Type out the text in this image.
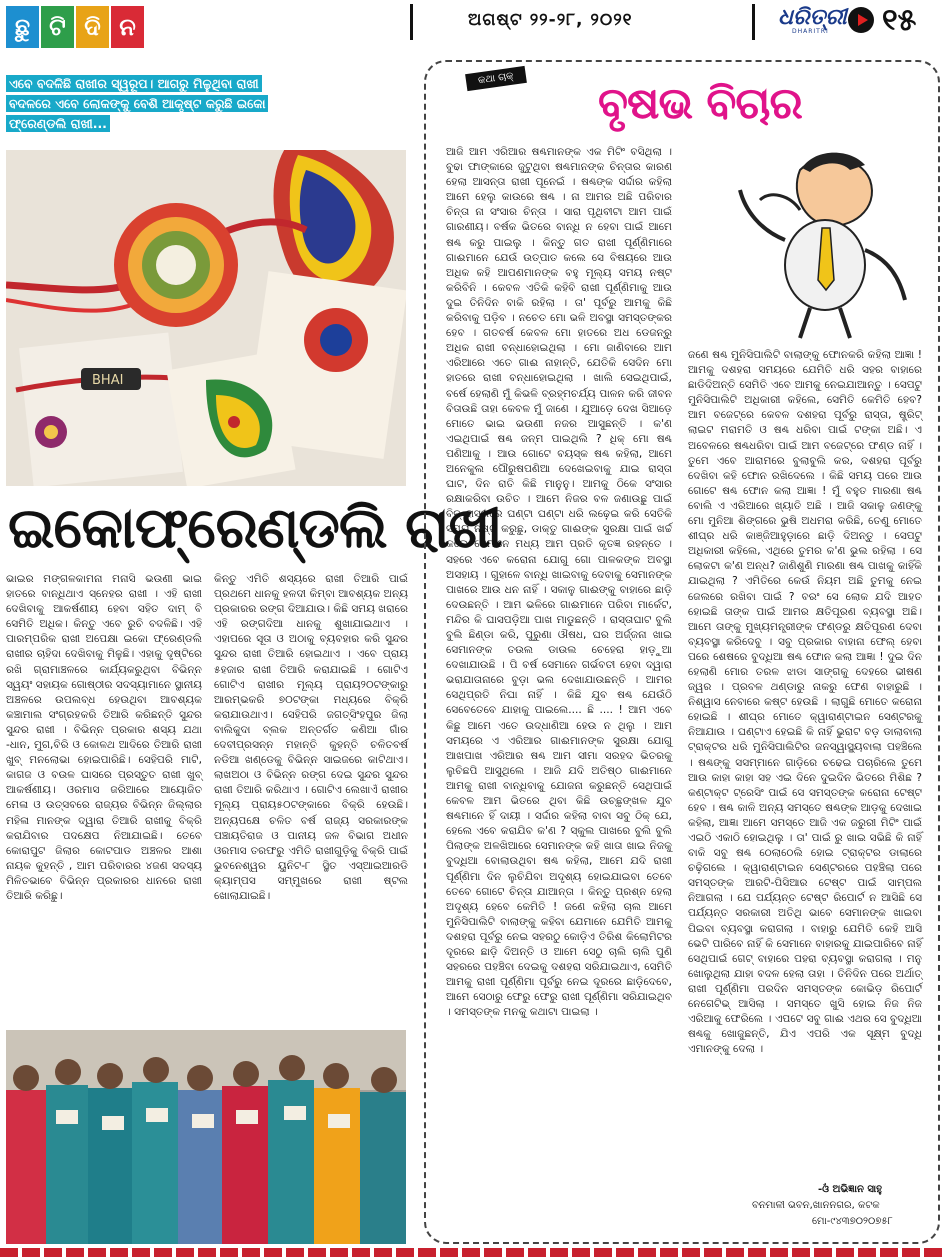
ଛୁ ଟି ଦି ନ	ଅଗଷ୍ଟ ୨୨-୨୮, ୨୦୨୧	ଧରିତ୍ରୀ
DHARITRI ୧୫
ଏବେ ବଦଳିଛି ରାଖୀର ସ୍ୱରୂପ। ଆଗରୁ ମିଳୁଥିବା ରାଖୀ ବଦଳରେ ଏବେ ଲୋକଙ୍କୁ ବେଶି ଆକୃଷ୍ଟ କରୁଛି ଇକୋ ଫ୍ରେଣ୍ଡଲି ରାଖୀ...
BHAI
ଇକୋଫ୍ରେଣ୍ଡଲି ରାଖୀ
ଭାଇର ମଙ୍ଗଳକାମନା ମନାସି ଭଉଣୀ ଭାଇ ହାତରେ ବାନ୍ଧିଥାଏ ସ୍ନେହର ରାଖୀ । ଏହି ରାଖୀ ଦେଖିବାକୁ ଆକର୍ଷଣୀୟ ହେବା ସହିତ ଦାମ୍ ବି ସେମିତି ଅଧିକ। କିନ୍ତୁ ଏବେ ରୁଚି ବଦଳିଛି। ଏହି ପାରମ୍ପରିକ ରାଖୀ ଅପେକ୍ଷା ଇକୋ ଫ୍ରେଣ୍ଡଲି ରାଖୀର ଚାହିଦା ଦେଖିବାକୁ ମିଳୁଛି। ଏହାକୁ ଦୃଷ୍ଟିରେ ରଖି ଗ୍ରାମାଞ୍ଚଳରେ କାର୍ଯ୍ୟକରୁଥିବା ବିଭିନ୍ନ ସ୍ୱୟଂ ସହାୟକ ଗୋଷ୍ଠୀର ସଦସ୍ୟାମାନେ ସ୍ଥାନୀୟ ଅଞ୍ଚଳରେ ଉପଲବ୍ଧ ହେଉଥିବା ଆବଶ୍ୟକ କଞ୍ଚାମାଲ ସଂଗ୍ରହକରି ତିଆରି କରିଛନ୍ତି ସୁନ୍ଦର ସୁନ୍ଦର ରାଖୀ । ବିଭିନ୍ନ ପ୍ରକାର ଶସ୍ୟ ଯଥା -ଧାନ, ମୁଗ,ବିରି ଓ କୋଳଥ ଆଦିରେ ତିଆରି ରାଖୀ ଖୁବ୍ ମନଲୋଭା ହୋଇପାରିଛି। ସେହିପରି ମାଟି, କାଗଜ ଓ ବଉଳ ଘାସରେ ପ୍ରସ୍ତୁତ ରାଖୀ ଖୁବ୍ ଆକର୍ଷଣୀୟ। ଓରମାସ ଜରିଆରେ ଆୟୋଜିତ ମେଳା ଓ ଉତ୍ସବରେ ରାଜ୍ୟର ବିଭିନ୍ନ ଜିଲ୍ଲାର ମହିଳା ମାନଙ୍କ ଦ୍ୱାରା ତିଆରି ରାଖୀକୁ ବିକ୍ରି କରାଯିବାର ପଦକ୍ଷେପ ନିଆଯାଇଛି। ତେବେ କୋରାପୁଟ ଜିଲାର କୋଟପାଡ ଅଞ୍ଚଳର ଆଶା ନାୟକ କୁହନ୍ତି , ଆମ ପରିବାରର ୪ଜଣ ସଦସ୍ୟ ମିଳିତଭାବେ ବିଭିନ୍ନ ପ୍ରକାରର ଧାନରେ ରାଖୀ ତିଆରି କରିଛୁ।
କିନ୍ତୁ ଏମିତି ଶସ୍ୟରେ ରାଖୀ ତିଆରି ପାଇଁ ପ୍ରଥମେ ଧାନକୁ ହଳଦୀ କିମ୍ବା ଆବଶ୍ୟକ ଅନ୍ୟ ପ୍ରକାରର ରଙ୍ଗ ଦିଆଯାଉ। କିଛି ସମୟ ଖରାରେ ଏହି ରଙ୍ଗଦିଆ ଧାନକୁ ଶୁଖାଯାଇଥାଏ । ଏହାପରେ ସୂତା ଓ ଅଠାକୁ ବ୍ୟବହାର କରି ସୁନ୍ଦର ସୁନ୍ଦର ରାଖୀ ତିଆରି ହୋଇଥାଏ । ଏବେ ପ୍ରାୟ ୫ହଜାର ରାଖୀ ତିଆରି କରାଯାଇଛି । ଗୋଟିଏ ଗୋଟିଏ ରାଖୀର ମୂଲ୍ୟ ପ୍ରାୟ୨୦ଟଙ୍କାରୁ ଆରମ୍ଭକରି ୭୦ଟଙ୍କା ମଧ୍ୟରେ ବିକ୍ରି କରାଯାଉଥାଏ। ସେହିପରି ଜଗତ୍‌ସିଂହପୁର ଜିଲା ବାଲିକୁଦା ବ୍ଲକ ଅନ୍ତର୍ଗତ କଣିଆ ଗାଁର ଦେବୀପ୍ରସନ୍ନ ମହାନ୍ତି କୁହନ୍ତି ଚଳିତବର୍ଷ ନଡିଆ ଖଣ୍ଡେକୁ ବିଭିନ୍ନ ସାଇଜରେ କାଟିଥାଏ। ଲାଖଅଠା ଓ ବିଭିନ୍ନ ରଙ୍ଗ ଦେଇ ସୁନ୍ଦର ସୁନ୍ଦର ରାଖୀ ତିଆରି କରିଥାଏ । ଗୋଟିଏ ଲେଖାଏଁ ରାଖୀର ମୂଲ୍ୟ ପ୍ରାୟ୫୦ଟଙ୍କାରେ ବିକ୍ରି ହେଉଛି। ଅନ୍ୟପକ୍ଷେ ଚଳିତ ବର୍ଷ ରାଜ୍ୟ ସରକାରଙ୍କ ପଞ୍ଚାୟତିରାଜ ଓ ପାନୀୟ ଜଳ ବିଭାଗ ଅଧୀନ ଓରମାସ ତରଫରୁ ଏମିତି ରାଖୀଗୁଡ଼ିକୁ ବିକ୍ରି ପାଇଁ ଭୁବନେଶ୍ୱର ୟୁନିଟ-୮ ସ୍ଥିତ ଏସ୍‌ଆଇଆରଡି କ୍ୟାମ୍ପସ ସମ୍ମୁଖରେ ରାଖୀ ଷ୍ଟଲ ଖୋଲାଯାଇଛି।
କଥା ଚାକ୍ ବୃଷଭ ବିଚାର
ଆଜି ଆମ ଏରିଆର ଷଣ୍ଢମାନଙ୍କ ଏକ ମିଟିଂ ବସିଥିଲା । ବୁଢା ଫାଙ୍କାରେ ଜୁଟୁଥିବା ଷଣ୍ଢମାନଙ୍କ ଚିନ୍ତାର କାରଣ ହେଲା ଆସନ୍ତା ରାଖୀ ପୂନେଇଁ । ଷଣ୍ଢଙ୍କ ସର୍ଦ୍ଦାର କହିଲା ଆମେ ହେଲୁ କାଉରେ ଷଣ୍ଢ । ନା ଆମର ଅଛି ପରିବାର ଚିନ୍ତା ନା ସଂସାର ଚିନ୍ତା । ସାରା ପୃଥିବୀଟା ଆମ ପାଇଁ ଗାରଣୀୟ। ବର୍ଷକ ଭିତରେ ବାନ୍ଧି ନ ହେବା ପାଇଁ ଆମେ ଷଣ୍ଢ କରୁ ପାଇଲୁ । କିନ୍ତୁ ଗତ ରାଖୀ ପୂର୍ଣ୍ଣିମାରେ ଗାଈମାନେ ଯେଉଁ ଉତ୍ପାତ କଲେ ସେ ବିଷୟରେ ଆଉ ଅଧିକ କହି ଆପଣମାନଙ୍କ ବହୁ ମୂଲ୍ୟ ସମୟ ନଷ୍ଟ କରିବିନି । କେବଳ ଏତିକି କହିବି ରାଖୀ ପୂର୍ଣ୍ଣିମାକୁ ଆଉ ଦୁଇ ତିନିଦିନ ବାକି ରହିଲା । ତା' ପୂର୍ବରୁ ଆମକୁ କିଛି କରିବାକୁ ପଡ଼ିବ । ନଚେତ ମୋ ଭଳି ଅବସ୍ଥା ସମସ୍ତଙ୍କର ହେବ । ଗତବର୍ଷ କେବଳ ମୋ ହାତରେ ଅଧ ଡେଜନ୍ରୁ ଅଧିକ ରାଖୀ ବନ୍ଧାହୋଇଥିଲା । ମୋ ଜାଣିବାରେ ଆମ ଏରିଆରେ ଏତେ ଗାଈ ନାହାନ୍ତି, ଯେତିକି ସେଦିନ ମୋ ହାତରେ ରାଖୀ ବନ୍ଧାହୋଇଥିଲା । ଖାଲି ସେଇଥିପାଇଁ, ବର୍ଷେ ହେଲାଣି ମୁଁ କିଭଳି ବ୍ରହ୍ମଚର୍ଯ୍ୟ ପାଳନ କରି ଜୀବନ ବିତାଉଛି ତାହା କେବଳ ମୁଁ ଜାଣେ । ଯୁଆଡ଼େ ଦେଖ ସିଆଡ଼େ ମୋତେ ଭାଇ ଭଉଣୀ ନଜର ଆସୁଛନ୍ତି । କ'ଣ ଏଇଥିପାଇଁ ଷଣ୍ଢ ଜନ୍ମ ପାଇଥିଲି ? ଧିକ୍ ମୋ ଷଣ୍ଢ ପଣିଆକୁ । ଆଉ ଗୋଟେ ବୟସ୍କ ଷଣ୍ଢ କହିଲା, ଆମେ ଅନେକୁଲ ପୌରୁଷପଣିଆ ଦେଖେଇବାକୁ ଯାଇ ରାସ୍ତା ଘାଟ, ଦିନ ରାତି କିଛି ମାନୁନୁ। ଆମକୁ ଠିକେ ସଂସାର ରକ୍ଷାକରିବା ଉଚିତ । ଆମେ ନିଜର ବଳ ଜଣାଉଛୁ ପାଇଁ ବିଚ୍ ରାସ୍ତାରେ ଘଣ୍ଟା ଘଣ୍ଟା ଧରି ଲଢ଼େଇ କରି ସେତିକି ସମୟ ନଷ୍ଟ କରୁଛୁ, ଡାକ୍ତୁ ଗାଈଙ୍କ ସୁରକ୍ଷା ପାଇଁ ଖର୍ଚ୍ଚ କଲେ ସେମାନେ ମଧ୍ୟ ଆମ ପ୍ରତି କୃତଜ୍ଞ ରହନ୍ତେ । ସହରେ ଏବେ କରୋନା ଯୋଗୁ ଗୋ ପାଳକଙ୍କ ଅବସ୍ଥା ଅସହାୟ । ଗୁହାଳେ ବାନ୍ଧି ଖାଇବାକୁ ଦେବାକୁ ସେମାନଙ୍କ ପାଖରେ ଆଉ ଧନ ନାହିଁ । ସକାଳୁ ଗାଈଙ୍କୁ ବାହାରେ ଛାଡ଼ି ଦେଉଛନ୍ତି । ଆମ ଭଳିରେ ଗାଈମାନେ ପରିବା ମାର୍କେଟ, ମନ୍ଦିର କି ଘାସପଡ଼ିଆ ପାଖ ମାଡୁଛନ୍ତି । ରାସ୍ତାଘାଟ ବୁଲି ବୁଲି ଛିଣ୍ଡା କରି, ପୁରୁଣା ଔଷଧ, ଘର ଅର୍ଜ୍ଜନା ଖାଇ ସେମାନଙ୍କ ତଉଲ ଡାଉଲ ଚେହେରା ହାଡ଼ୁଆ ଦେଖାଯାଉଛି । ପି ବର୍ଷ ସେମାନେ ଗର୍ଭବତୀ ହେବା ଦ୍ୱାରା ଭରାଯାତାନାରେ ବୁଡ଼ା ଭଲ ଦେଖାଯାଉଛନ୍ତି । ଆମର ସେଥିପ୍ରତି ନିଘା ନାହିଁ । କିଛି ଯୁବ ଷଣ୍ଢ ଯେଉଁଠି ସେବେତେବେ ଯାହାକୁ ପାଇଲେ.... ଛି .... ! ଆମ ଏବେ କିଛୁ ଆମେ ଏତେ ଉଦ୍ଧାଣିଆ ହେଉ ନ ଥିଲୁ । ଆମ ସମୟରେ ଏ ଏରିଆର ଗାଈମାନଙ୍କ ସୁରକ୍ଷା ଯୋଗୁ ଆଖପାଖ ଏରିଆର ଷଣ୍ଢ ଆମ ସୀମା ସରହଦ ଭିତରକୁ ଲୁଚିଛପି ଆସୁଥିଲେ । ଆଜି ଯଦି ଅତିଷ୍ଠ ଗାଈମାନେ ଆମକୁ ରାଖୀ ବାନ୍ଧିବାକୁ ଯୋଜନା କରୁଛନ୍ତି ସେଥିପାଇଁ କେବଳ ଆମ ଭିତରେ ଥିବା କିଛି ଉଚ୍ଛୃଙ୍ଖଳ ଯୁବ ଷଣ୍ଢମାନେ ହିଁ ଦାୟୀ । ସର୍ଦ୍ଦାର କହିଲା ବାବା ସବୁ ଠିକ୍ ଯେ, ହେଲେ ଏବେ କରାଯିବ କ'ଣ ? ସ୍କୁଲ ପାଖରେ ବୁଲି ବୁଲି ପିଲାଙ୍କ ଅଳଖିଆରେ ସେମାନଙ୍କ କହି ଖାତା ଖାଇ ନିଜକୁ ବୁଦ୍ଧିଆ ବୋଲାଉଥିବା ଷଣ୍ଢ କହିଲା, ଆମେ ଯଦି ରାଖୀ ପୂର୍ଣ୍ଣିମା ଦିନ ଲୁଚିଯିବା ଅଦୃଶ୍ୟ ହୋଇଯାଇବା ତେବେ ତେବେ ଗୋଟେ ଚିନ୍ତା ଯାଆନ୍ତା । କିନ୍ତୁ ପ୍ରଶ୍ନ ହେଲା ଅଦୃଶ୍ୟ ହେବେ କେମିତି ! ଜଣେ କହିଲା ଚାଲ ଆମେ ମୁନିସିପାଲିଟି ବାଲାଙ୍କୁ କହିବା ଯେମାନେ ଯେମିତି ଆମକୁ ଦଶହରା ପୂର୍ବରୁ ନେଇ ସହରଠୁ କୋଡ଼ିଏ ତିରିଶ କିଲୋମିଟର ଦୂରରେ ଛାଡ଼ି ଦିଅନ୍ତି ଓ ଆମେ ସେଠୁ ଚାଲି ଚାଲି ପୁଣି ସହରରେ ପହଞ୍ଚିବା ଦେଇକୁ ଦଶହରା ସରିଯାଇଥାଏ, ସେମିତି ଆମକୁ ରାଖୀ ପୂର୍ଣ୍ଣିମା ପୂର୍ବରୁ ନେଇ ଦୂରରେ ଛାଡ଼ିଦେବେ, ଆମେ ସେଠାରୁ ଫେରୁ ଫେରୁ ରାଖୀ ପୂର୍ଣ୍ଣିମା ସରିଯାଇଥିବ । ସମସ୍ତଙ୍କ ମନକୁ କଥାଟା ପାଇଲା ।
ଜଣେ ଷଣ୍ଢ ମୁନିସିପାଲିଟି ବାଲାଙ୍କୁ ଫୋନକରି କହିଲା ଆଜ୍ଞା ! ଆମକୁ ଦଶହରା ସମୟରେ ଯେମିତି ଧରି ସହର ବାହାରେ ଛାଡିଦିଅନ୍ତି ସେମିତି ଏବେ ଆମକୁ ନେଇଯାଆନ୍ତୁ । ସେପଟୁ ମୁନିସିପାଲିଟି ଅଧିକାରୀ କହିଲେ, ସେମିତି କେମିତି ହେବ? ଆମ ବଜେଟ୍‌ରେ କେବଳ ଦଶହରା ପୂର୍ବରୁ ରାସ୍ତା, ଷ୍ଟ୍ରିଟ୍ ଲାଇଟ ମରାମତି ଓ ଷଣ୍ଢ ଧରିବା ପାଇଁ ଟଙ୍କା ଅଛି। ଏ ଅବେଳରେ ଷଣ୍ଢଧରିବା ପାଇଁ ଆମ ବଜେଟ୍‌ରେ ଫଣ୍ଡ ନାହିଁ । ତୁମେ ଏବେ ଆରାମରେ ବୁଲାବୁଲି କର, ଦଶହରା ପୂର୍ବରୁ ଦେଖିବା କହି ଫୋନ ରଖିଦେଲେ । କିଛି ସମୟ ପରେ ଆଉ ଗୋଟେ ଷଣ୍ଢ ଫୋନ କଲା ଆଜ୍ଞା ! ମୁଁ ବହୁତ ମାରଣା ଷଣ୍ଢ ବୋଲି ଏ ଏରିଆରେ ଖ୍ୟାତି ଅଛି । ଆଜି ସକାଳୁ ଜଣଙ୍କୁ ମୋ ମୁନିଆ ଶିଙ୍ଗରେ ଭୁଷି ଅଧମରା କରିଛି, ତେଣୁ ମୋତେ ଶୀଘ୍ର ଧରି କାଞ୍ଜିଆହୁଡ଼ାରେ ଛାଡ଼ି ଦିଅନ୍ତୁ । ସେପଟୁ ଅଧିକାରୀ କହିଲେ, ଏଥିରେ ତୁମର କ'ଣ ଭୁଲ ରହିଲା । ସେ ଲୋକଟା କ'ଣ ଅନ୍ଧ? ଜାଣିଶୁଣି ମାରଣା ଷଣ୍ଢ ପାଖକୁ କାହିଁକି ଯାଇଥିଲା ? ଏମିତିରେ କେଉଁ ନିୟମ ଅଛି ତୁମକୁ ନେଇ ଜେଲରେ ରଖିବା ପାଇଁ ? ବରଂ ସେ ଲୋକ ଯଦି ଆହତ ହୋଇଛି ତାଙ୍କ ପାଇଁ ଆମର କ୍ଷତିପୂରଣ ବ୍ୟବସ୍ଥା ଅଛି। ଆମେ ତାଙ୍କୁ ମୁଖ୍ୟମନ୍ତ୍ରୀଙ୍କ ଫଣ୍ଡରୁ କ୍ଷତିପୂରଣ ଦେବା ବ୍ୟବସ୍ଥା କରିଦେବୁ । ସବୁ ପ୍ରକାର ବାହାନା ଫେଲ୍ ହେବା ପରେ ଶେଷରେ ବୁଦ୍ଧିଆ ଷଣ୍ଢ ଫୋନ କଲା ଆଜ୍ଞା ! ଦୁଇ ଦିନ ହେଲାଣି ମୋର ତରଳ ଝାଡା ସାଙ୍ଗକୁ ଦେହରେ ଭୀଷଣ ଜ୍ୱର । ପ୍ରବଳ ଥଣ୍ଡାରୁ ନାକରୁ ଫେଣ ବାହାରୁଛି । ନିଶ୍ୱାସ ନେବାରେ କଷ୍ଟ ହେଉଛି । ଲାଗୁଛି ମୋତେ କରୋନା ହୋଇଛି । ଶୀଘ୍ର ମୋତେ କ୍ୱାରାଣ୍ଟାଇନ ସେଣ୍ଟରକୁ ନିଆଯାଉ । ଘଣ୍ଟାଏ ହେଇଛି କି ନାହିଁ ଭୁରାଟ ବଡ଼ ଡାଲାବାଲା ଟ୍ରାକ୍ଟର ଧରି ମୁନିସିପାଲିଟିର ଜନସ୍ୱାସ୍ଥ୍ୟବାଲା ପହଞ୍ଚିଲେ । ଷଣ୍ଢଙ୍କୁ ସସମ୍ମାନେ ଗାଡ଼ିରେ ଚଢେଇ ପଚାରିଲେ ତୁମେ ଆଉ କାହା କାହା ସହ ଏଇ ଦିନେ ଦୁଇଦିନ ଭିତରେ ମିଶିଛ ? କଣ୍ଟାକ୍ଟ ଟ୍ରେସିଂ ପାଇଁ ସେ ସମସ୍ତଙ୍କ କରୋନା ଟେଷ୍ଟ ହେବ । ଷଣ୍ଢ କାଳି ଅନ୍ୟ ସମସ୍ତେ ଷଣ୍ଢଙ୍କ ଆଡ଼କୁ ଦେଖାଇ କହିଲା, ଆଜ୍ଞା ଆମେ ସମସ୍ତେ ଆଜି ଏକ ଜରୁରୀ ମିଟିଂ ପାଇଁ ଏଇଠି ଏକାଠି ହୋଇଥିଲୁ । ତା' ପାଇଁ ରୁ ଖାଇ ସଭିଛି କି ନାହିଁ ବାକି ସବୁ ଷଣ୍ଢ ଠେଲାଠେଲି ହୋଇ ଟ୍ରାକ୍ଟର ଡାଲାରେ ଚଢ଼ିଗଲେ । କ୍ୱାରାଣ୍ଟାଇନ ସେଣ୍ଟରରେ ପହଞ୍ଚିଲା ପରେ ସମସ୍ତଙ୍କ ଆରଟି-ପିସିଆର ଟେଷ୍ଟ ପାଇଁ ସାମ୍ପଲ ନିଆଗଲା । ଯେ ପର୍ଯ୍ୟନ୍ତ ଟେଷ୍ଟ ରିପୋର୍ଟ ନ ଆସିଛି ସେ ପର୍ଯ୍ୟନ୍ତ ସରକାରୀ ଅତିଥି ଭାବେ ସେମାନଙ୍କ ଖାଇବା ପିଇବା ବ୍ୟବସ୍ଥା କରାଗଲା । ବାହାରୁ ଯେମିତି କେହି ଆସି ଭେଟି ପାରିବେ ନାହିଁ କି ସେମାନେ ବାହାରକୁ ଯାଇପାରିବେ ନାହିଁ ସେଥିପାଇଁ ଗେଟ୍ ବାହାରେ ପହରା ବ୍ୟବସ୍ଥା କରାଗଲା । ମନୁ ଖୋଲୁଥିଲା ଯାହା ବଦଳ ହେଲା ତାହା । ତିନିଦିନ ପରେ ଅର୍ଥାତ୍ ରାଖୀ ପୂର୍ଣ୍ଣିମା ପରଦିନ ସମସ୍ତଙ୍କ କୋଭିଡ଼ ରିପୋର୍ଟ ନେଗେଟିଭ୍ ଆସିଲା । ସମସ୍ତେ ଖୁସି ହୋଇ ନିଜ ନିଜ ଏରିଆକୁ ଫେରିଲେ । ଏପଟେ ସବୁ ଗାଈ ଏଥର ସେ ବୁଦ୍ଧିଆ ଷଣ୍ଢକୁ ଖୋଜୁଛନ୍ତି, ଯିଏ ଏପରି ଏକ ସୂକ୍ଷ୍ମ ବୁଦ୍ଧି ଏମାନଙ୍କୁ ଦେଲା ।
-ଓଁ ଅଭିଜ୍ଞାନ ସାହୁ
ବନମାଳୀ ଭବନ,ଖାନନଗର, କଟକ
ମୋ-୯୪୩୭୦୨୦୭୫୮
